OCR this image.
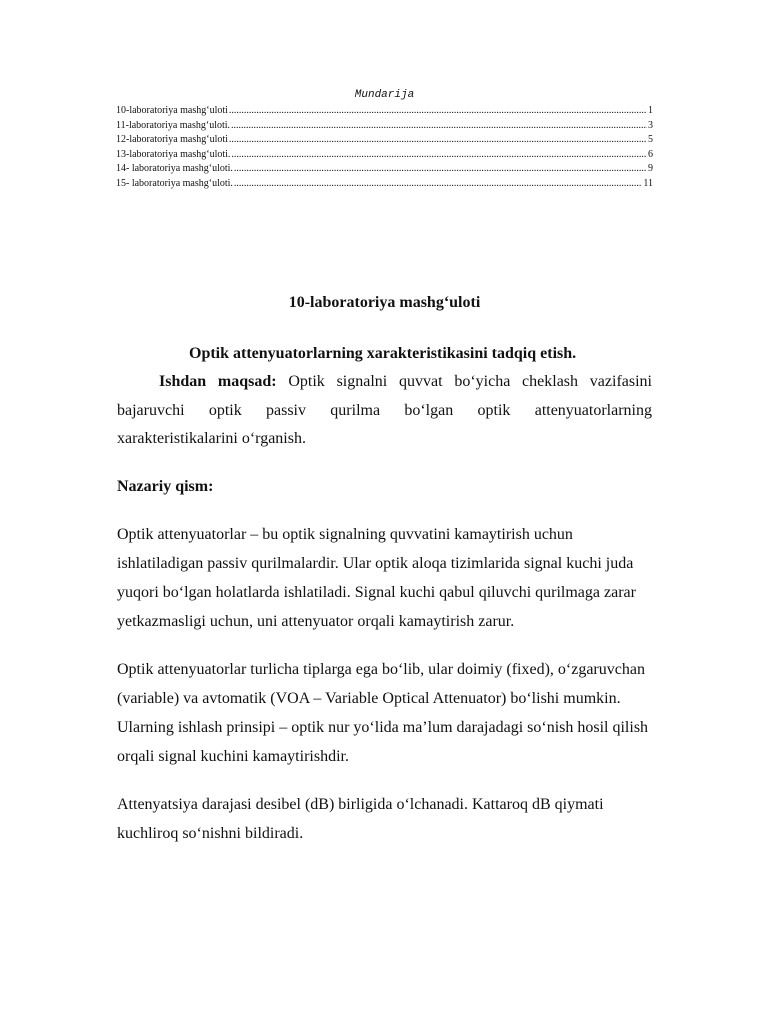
Mundarija
10-laboratoriya mashg‘uloti .....	1
11-laboratoriya mashg‘uloti. .....	3
12-laboratoriya mashg‘uloti .....	5
13-laboratoriya mashg‘uloti. .....	6
14- laboratoriya mashg‘uloti. .....	9
15- laboratoriya mashg‘uloti. .....	11

10-laboratoriya mashg‘uloti

Optik attenyuatorlarning xarakteristikasini tadqiq etish.

Ishdan maqsad: Optik signalni quvvat bo‘yicha cheklash vazifasini bajaruvchi optik passiv qurilma bo‘lgan optik attenyuatorlarning xarakteristikalarini o‘rganish.

Nazariy qism:

Optik attenyuatorlar – bu optik signalning quvvatini kamaytirish uchun ishlatiladigan passiv qurilmalardir. Ular optik aloqa tizimlarida signal kuchi juda yuqori bo‘lgan holatlarda ishlatiladi. Signal kuchi qabul qiluvchi qurilmaga zarar yetkazmasligi uchun, uni attenyuator orqali kamaytirish zarur.

Optik attenyuatorlar turlicha tiplarga ega bo‘lib, ular doimiy (fixed), o‘zgaruvchan (variable) va avtomatik (VOA – Variable Optical Attenuator) bo‘lishi mumkin. Ularning ishlash prinsipi – optik nur yo‘lida ma’lum darajadagi so‘nish hosil qilish orqali signal kuchini kamaytirishdir.

Attenyatsiya darajasi desibel (dB) birligida o‘lchanadi. Kattaroq dB qiymati kuchliroq so‘nishni bildiradi.
